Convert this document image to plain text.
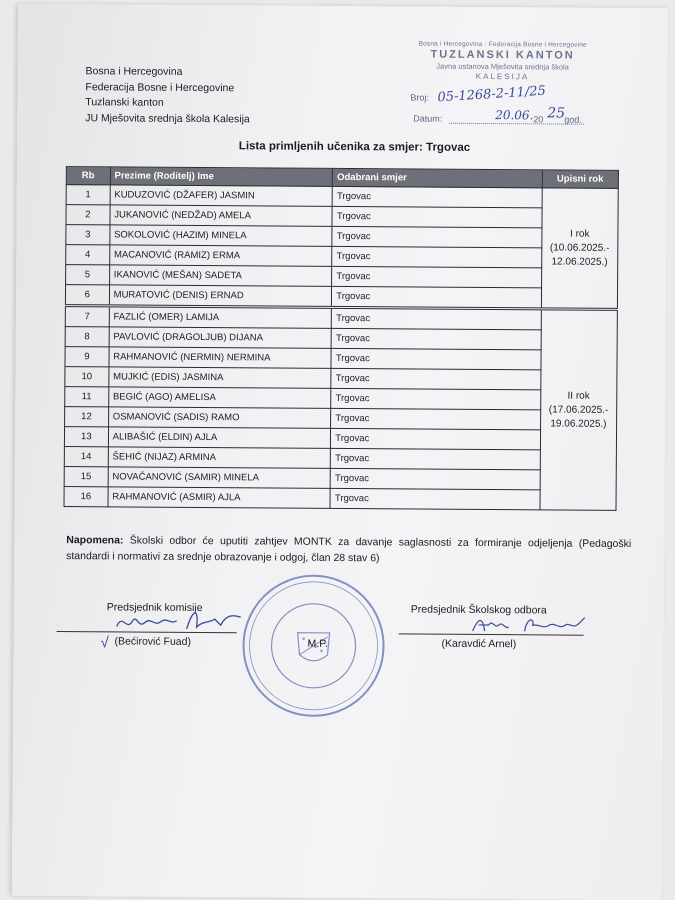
Bosna i Hercegovina
Federacija Bosne i Hercegovine
Tuzlanski kanton
JU Mješovita srednja škola Kalesija
Bosna i Hercegovina · Federacija Bosne i Hercegovine
TUZLANSKI KANTON
Javna ustanova Mješovita srednja škola
KALESIJA
Broj: 05-1268-2-11/25
Datum:	20.06. 20 25 god.
Lista primljenih učenika za smjer: Trgovac
Rb	Prezime (Roditelj) Ime	Odabrani smjer	Upisni rok
1	KUDUZOVIĆ (DŽAFER) JASMIN	Trgovac	I rok
(10.06.2025.-
12.06.2025.)

2	JUKANOVIĆ (NEDŽAD) AMELA	Trgovac	
3	SOKOLOVIĆ (HAZIM) MINELA	Trgovac	
4	MACANOVIĆ (RAMIZ) ERMA	Trgovac	
5	IKANOVIĆ (MEŠAN) SADETA	Trgovac	
6	MURATOVIĆ (DENIS) ERNAD	Trgovac	
7	FAZLIĆ (OMER) LAMIJA	Trgovac	II rok
(17.06.2025.-
19.06.2025.)

8	PAVLOVIĆ (DRAGOLJUB) DIJANA	Trgovac	
9	RAHMANOVIĆ (NERMIN) NERMINA	Trgovac	
10	MUJKIĆ (EDIS) JASMINA	Trgovac	
11	BEGIĆ (AGO) AMELISA	Trgovac	
12	OSMANOVIĆ (SADIS) RAMO	Trgovac	
13	ALIBAŠIĆ (ELDIN) AJLA	Trgovac	
14	ŠEHIĆ (NIJAZ) ARMINA	Trgovac	
15	NOVAČANOVIĆ (SAMIR) MINELA	Trgovac	
16	RAHMANOVIĆ (ASMIR) AJLA	Trgovac	
Napomena: Školski odbor će uputiti zahtjev MONTK za davanje saglasnosti za formiranje odjeljenja (Pedagoški standardi i normativi za srednje obrazovanje i odgoj, član 28 stav 6)
Predsjednik komisije
√ (Bećirović Fuad)	M.P.
Predsjednik Školskog odbora
(Karavdić Arnel)
